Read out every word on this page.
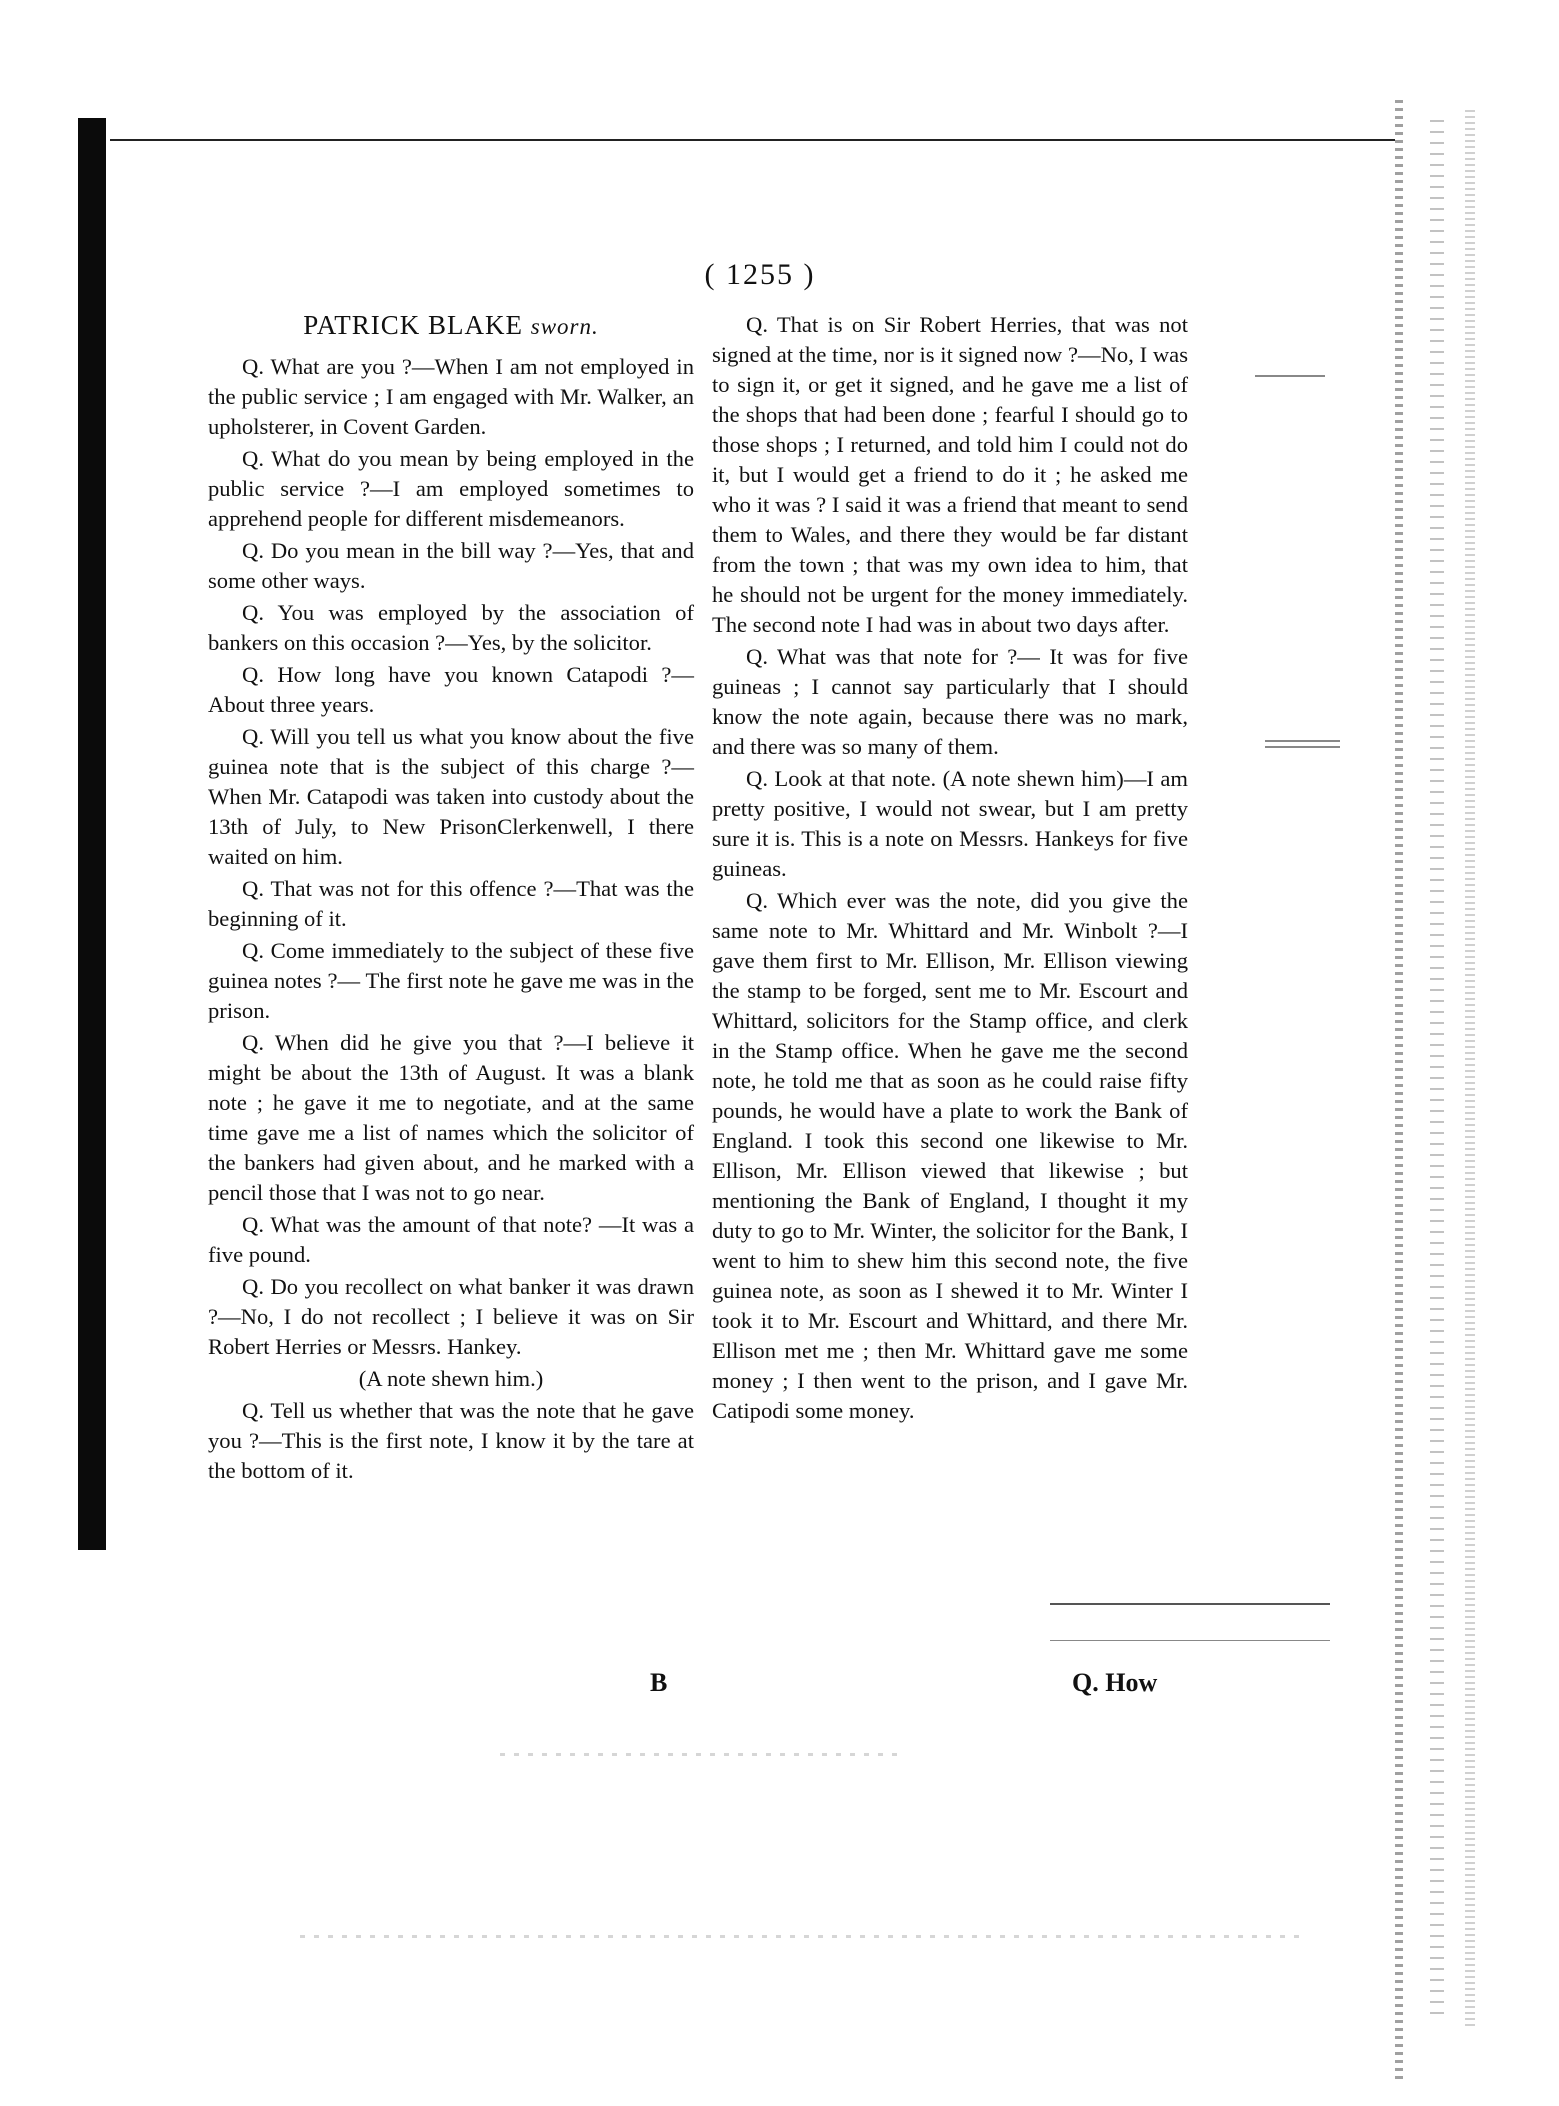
( 1255 )

PATRICK BLAKE sworn.

Q. What are you ?—When I am not employed in the public service ; I am engaged with Mr. Walker, an upholsterer, in Covent Garden.

Q. What do you mean by being employed in the public service ?—I am employed sometimes to apprehend people for different misdemeanors.

Q. Do you mean in the bill way ?—Yes, that and some other ways.

Q. You was employed by the association of bankers on this occasion ?—Yes, by the solicitor.

Q. How long have you known Catapodi ?—About three years.

Q. Will you tell us what you know about the five guinea note that is the subject of this charge ?— When Mr. Catapodi was taken into custody about the 13th of July, to New PrisonClerkenwell, I there waited on him.

Q. That was not for this offence ?—That was the beginning of it.

Q. Come immediately to the subject of these five guinea notes ?— The first note he gave me was in the prison.

Q. When did he give you that ?—I believe it might be about the 13th of August. It was a blank note ; he gave it me to negotiate, and at the same time gave me a list of names which the solicitor of the bankers had given about, and he marked with a pencil those that I was not to go near.

Q. What was the amount of that note? —It was a five pound.

Q. Do you recollect on what banker it was drawn ?—No, I do not recollect ; I believe it was on Sir Robert Herries or Messrs. Hankey.

(A note shewn him.)

Q. Tell us whether that was the note that he gave you ?—This is the first note, I know it by the tare at the bottom of it.

Q. That is on Sir Robert Herries, that was not signed at the time, nor is it signed now ?—No, I was to sign it, or get it signed, and he gave me a list of the shops that had been done ; fearful I should go to those shops ; I returned, and told him I could not do it, but I would get a friend to do it ; he asked me who it was ? I said it was a friend that meant to send them to Wales, and there they would be far distant from the town ; that was my own idea to him, that he should not be urgent for the money immediately. The second note I had was in about two days after.

Q. What was that note for ?— It was for five guineas ; I cannot say particularly that I should know the note again, because there was no mark, and there was so many of them.

Q. Look at that note. (A note shewn him)—I am pretty positive, I would not swear, but I am pretty sure it is. This is a note on Messrs. Hankeys for five guineas.

Q. Which ever was the note, did you give the same note to Mr. Whittard and Mr. Winbolt ?—I gave them first to Mr. Ellison, Mr. Ellison viewing the stamp to be forged, sent me to Mr. Escourt and Whittard, solicitors for the Stamp office, and clerk in the Stamp office. When he gave me the second note, he told me that as soon as he could raise fifty pounds, he would have a plate to work the Bank of England. I took this second one likewise to Mr. Ellison, Mr. Ellison viewed that likewise ; but mentioning the Bank of England, I thought it my duty to go to Mr. Winter, the solicitor for the Bank, I went to him to shew him this second note, the five guinea note, as soon as I shewed it to Mr. Winter I took it to Mr. Escourt and Whittard, and there Mr. Ellison met me ; then Mr. Whittard gave me some money ; I then went to the prison, and I gave Mr. Catipodi some money.

B	Q. How
